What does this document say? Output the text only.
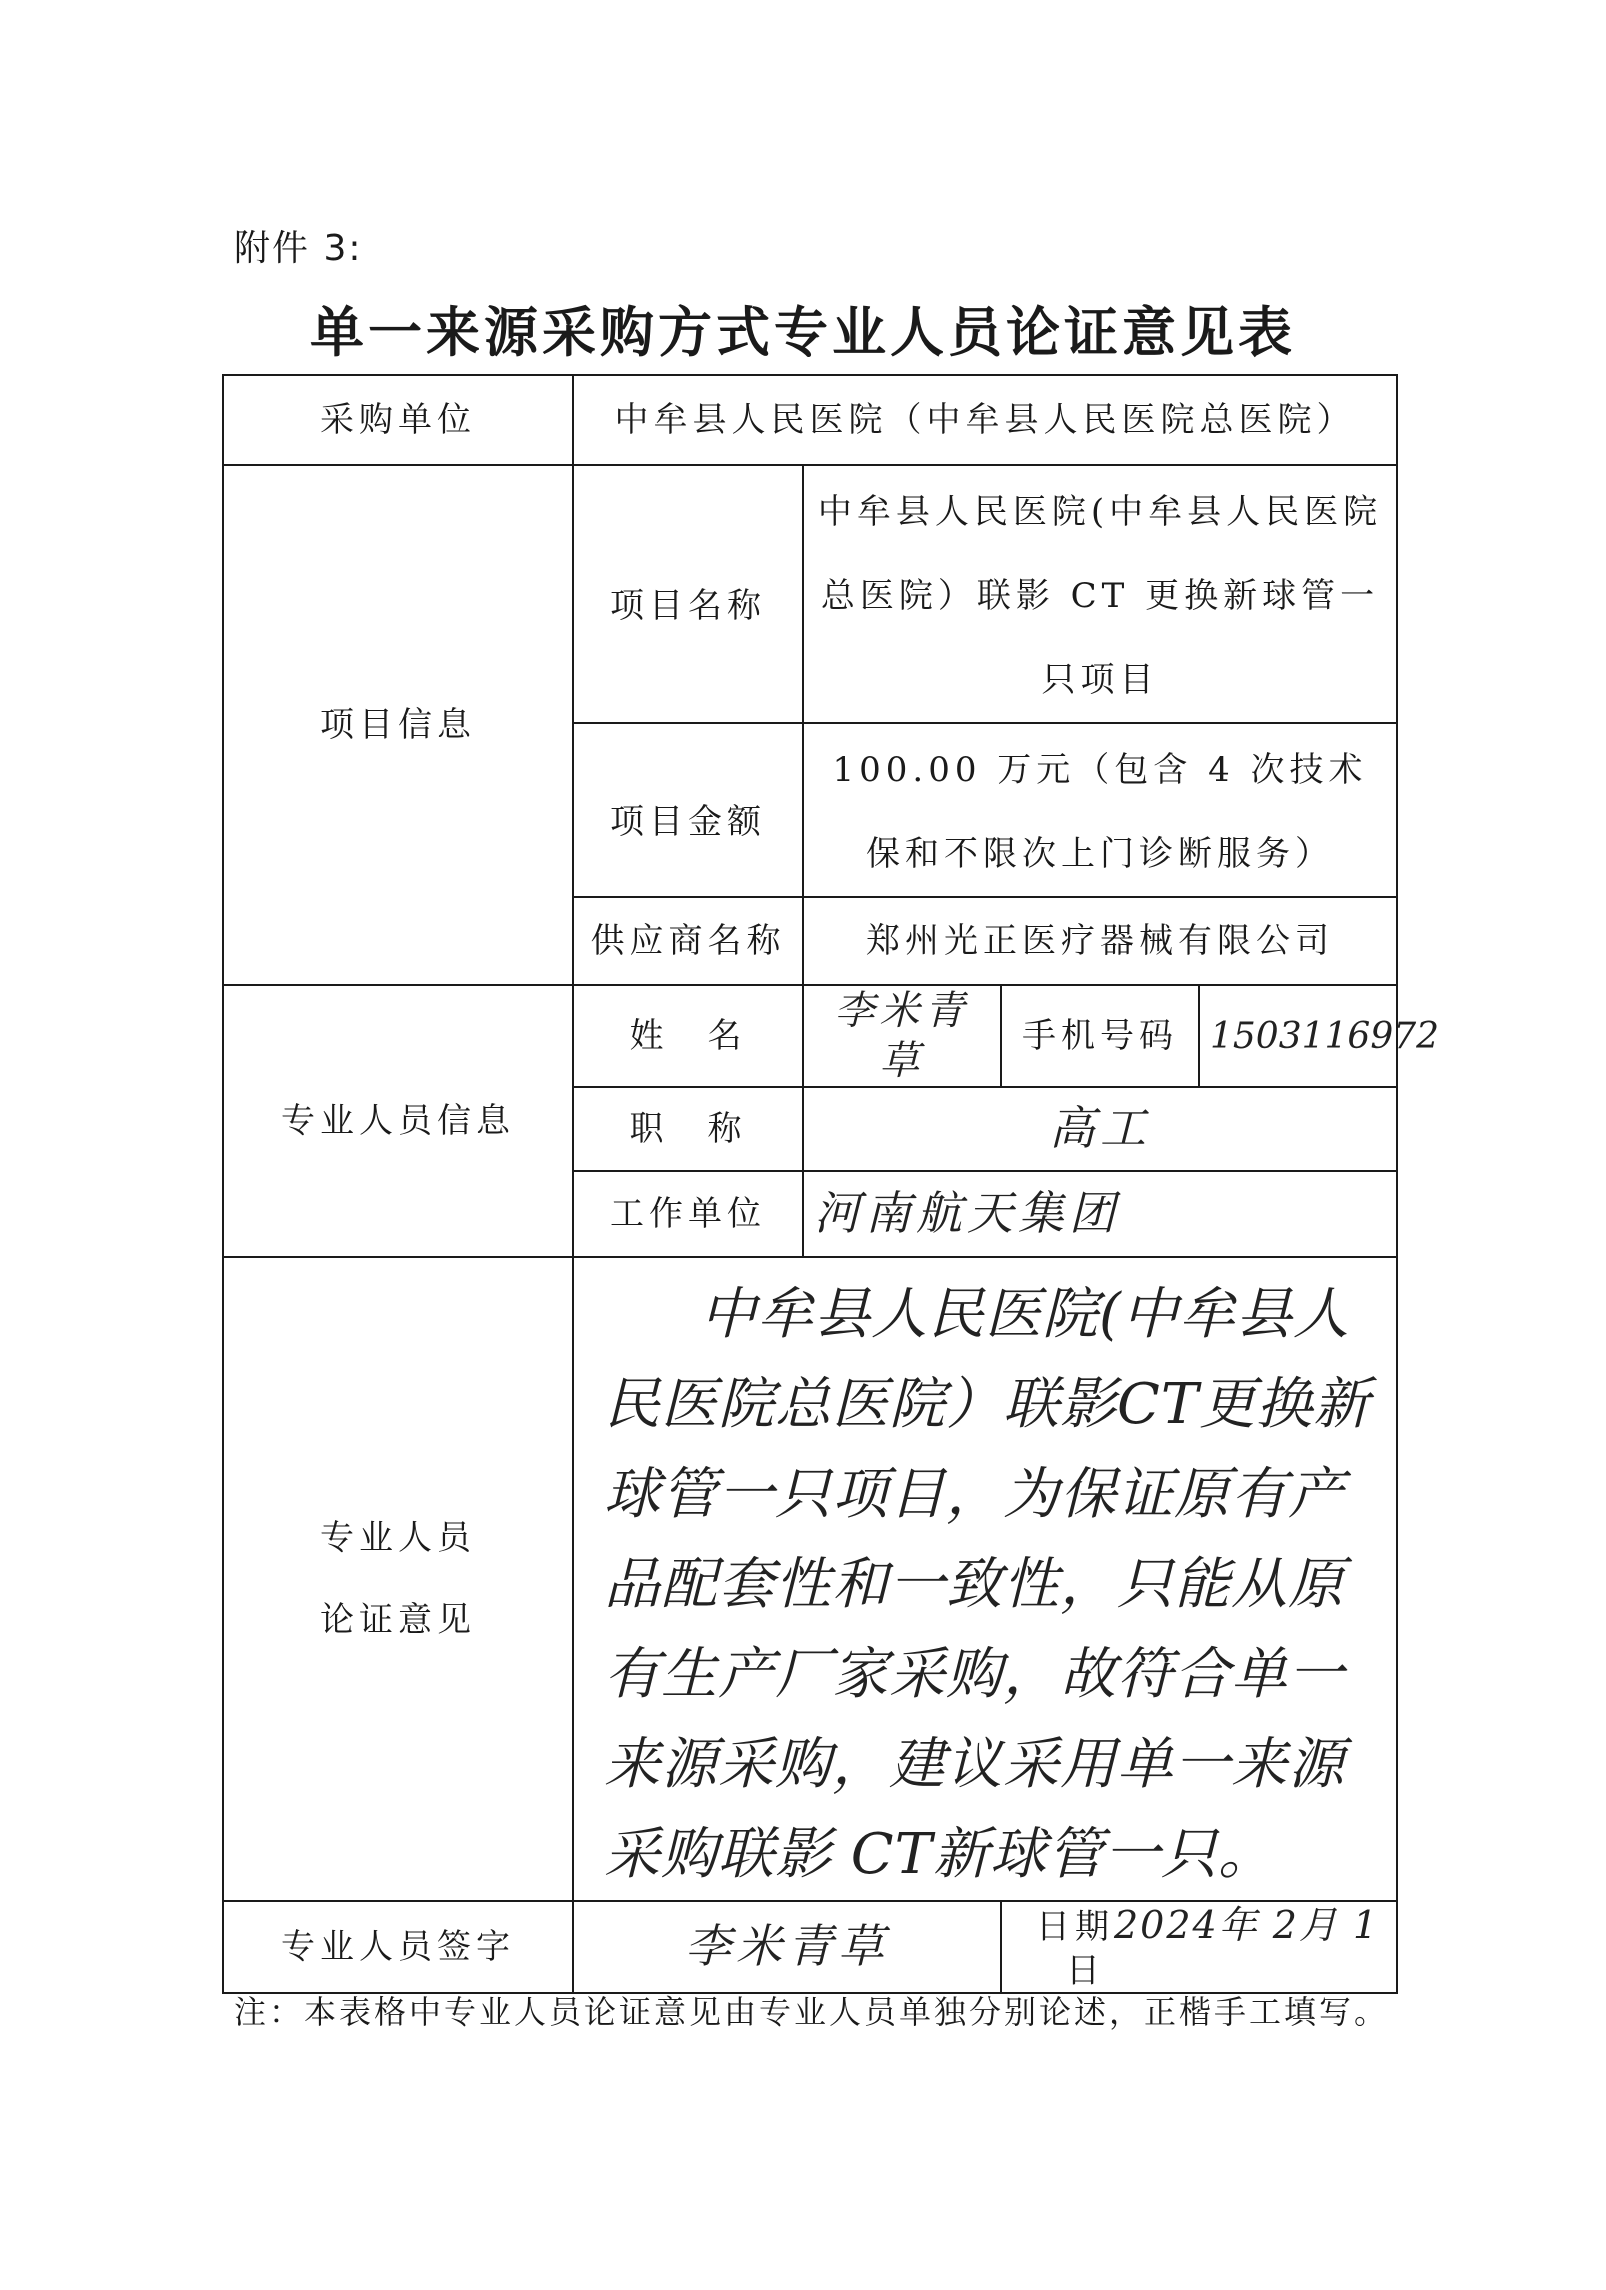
附件 3:
单一来源采购方式专业人员论证意见表
采购单位	中牟县人民医院（中牟县人民医院总医院）			
项目信息	项目名称	中牟县人民医院(中牟县人民医院总医院）联影 CT 更换新球管一只项目		
	项目金额	100.00 万元（包含 4 次技术保和不限次上门诊断服务）		
	供应商名称	郑州光正医疗器械有限公司		
专业人员信息	姓　名	李米青草	手机号码	1503116972
	职　称	高工		
	工作单位	河南航天集团		

专业人员
论证意见	中牟县人民医院(中牟县人民医院总医院）联影CT更换新球管一只项目，为保证原有产品配套性和一致性，只能从原有生产厂家采购，故符合单一来源采购，建议采用单一来源采购联影 CT新球管一只。			
专业人员签字	李米青草		日期2024年 2月 1日	
注：本表格中专业人员论证意见由专业人员单独分别论述，正楷手工填写。
